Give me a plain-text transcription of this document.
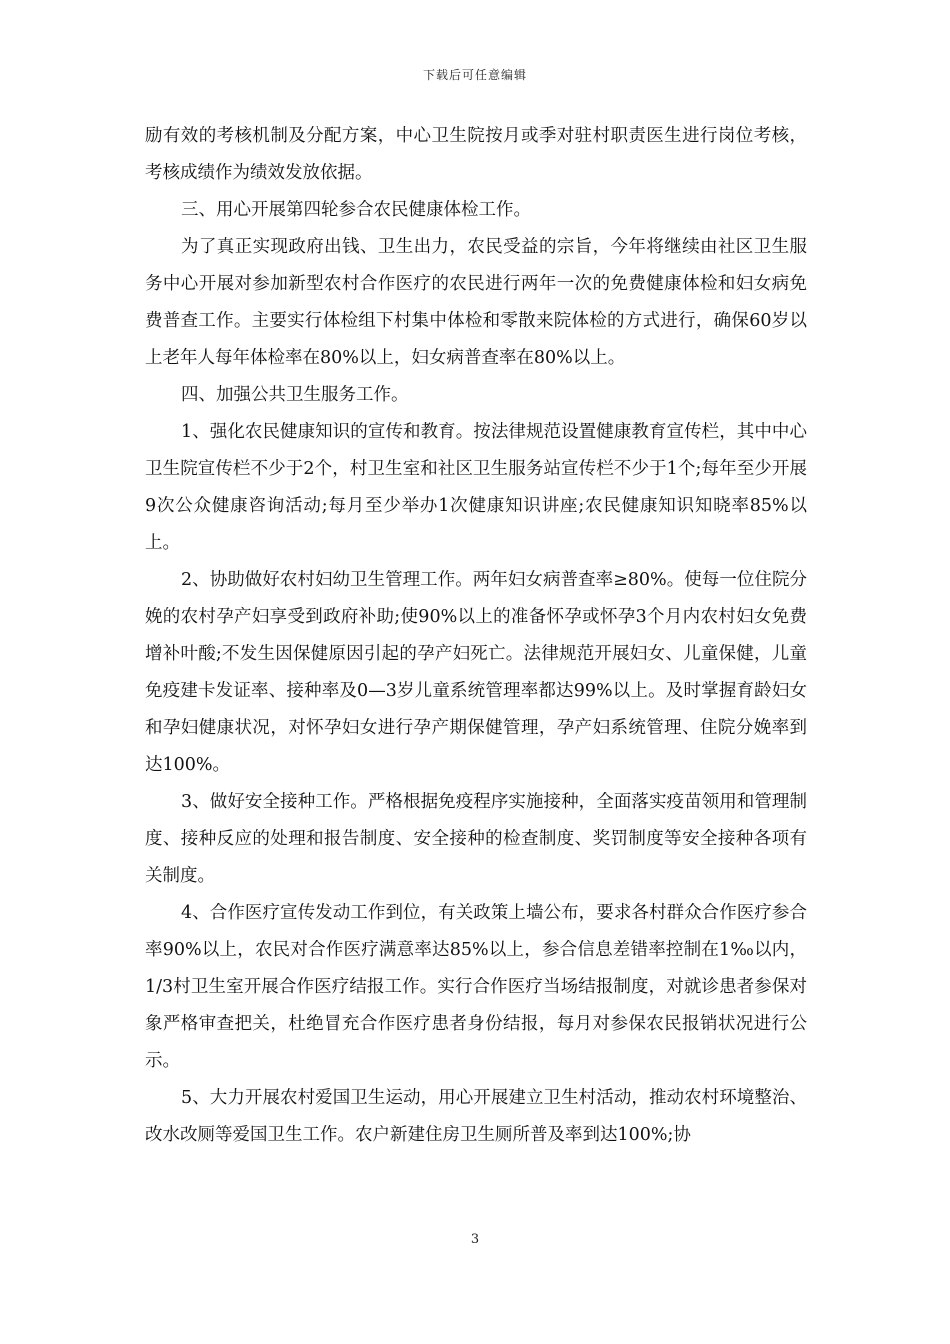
下载后可任意编辑

励有效的考核机制及分配方案，中心卫生院按月或季对驻村职责医生进行岗位考核，考核成绩作为绩效发放依据。

三、用心开展第四轮参合农民健康体检工作。

为了真正实现政府出钱、卫生出力，农民受益的宗旨，今年将继续由社区卫生服务中心开展对参加新型农村合作医疗的农民进行两年一次的免费健康体检和妇女病免费普查工作。主要实行体检组下村集中体检和零散来院体检的方式进行，确保60岁以上老年人每年体检率在80%以上，妇女病普查率在80%以上。

四、加强公共卫生服务工作。

1、强化农民健康知识的宣传和教育。按法律规范设置健康教育宣传栏，其中中心卫生院宣传栏不少于2个，村卫生室和社区卫生服务站宣传栏不少于1个;每年至少开展9次公众健康咨询活动;每月至少举办1次健康知识讲座;农民健康知识知晓率85%以上。

2、协助做好农村妇幼卫生管理工作。两年妇女病普查率≥80%。使每一位住院分娩的农村孕产妇享受到政府补助;使90%以上的准备怀孕或怀孕3个月内农村妇女免费增补叶酸;不发生因保健原因引起的孕产妇死亡。法律规范开展妇女、儿童保健，儿童免疫建卡发证率、接种率及0—3岁儿童系统管理率都达99%以上。及时掌握育龄妇女和孕妇健康状况，对怀孕妇女进行孕产期保健管理，孕产妇系统管理、住院分娩率到达100%。

3、做好安全接种工作。严格根据免疫程序实施接种，全面落实疫苗领用和管理制度、接种反应的处理和报告制度、安全接种的检查制度、奖罚制度等安全接种各项有关制度。

4、合作医疗宣传发动工作到位，有关政策上墙公布，要求各村群众合作医疗参合率90%以上，农民对合作医疗满意率达85%以上，参合信息差错率控制在1‰以内，1/3村卫生室开展合作医疗结报工作。实行合作医疗当场结报制度，对就诊患者参保对象严格审查把关，杜绝冒充合作医疗患者身份结报，每月对参保农民报销状况进行公示。

5、大力开展农村爱国卫生运动，用心开展建立卫生村活动，推动农村环境整治、改水改厕等爱国卫生工作。农户新建住房卫生厕所普及率到达100%;协

3
